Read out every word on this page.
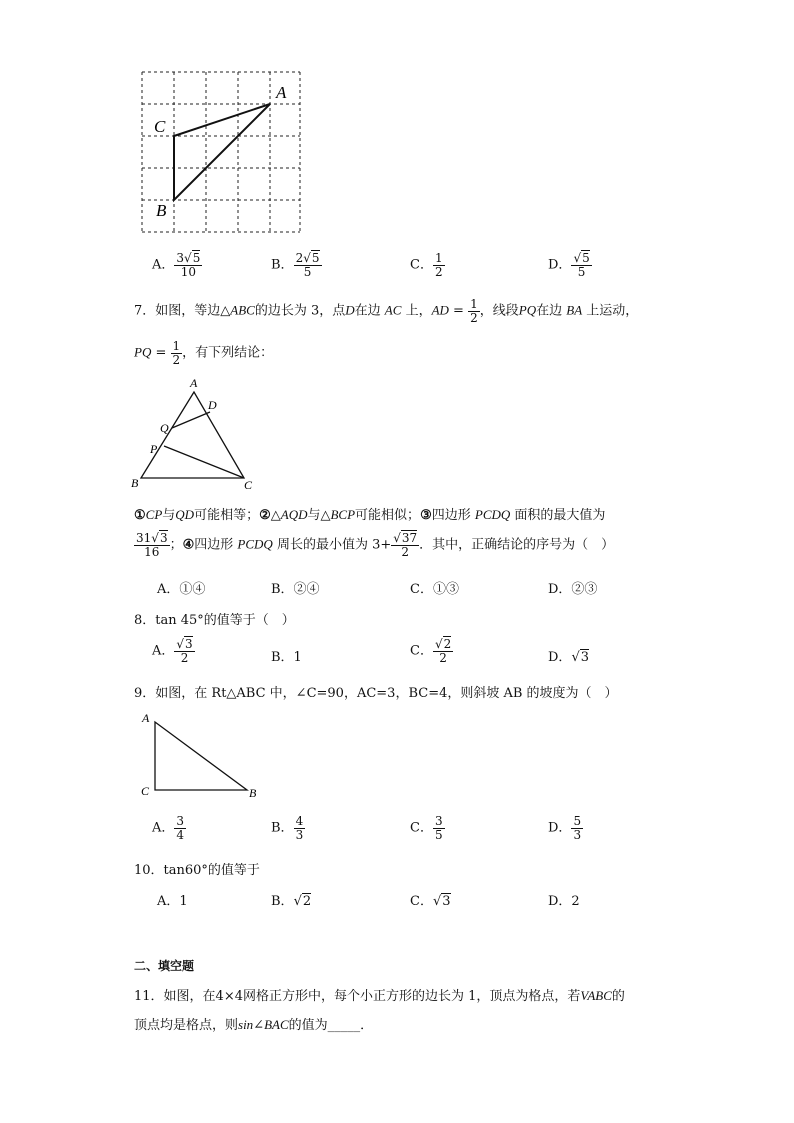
A
C
B
A． $\frac{3√5}{10}$	B． $\frac{2√5}{5}$	C． $\frac{1}{2}$	D． $\frac{√5}{5}$
7．如图，等边△ABC的边长为 3，点D在边 AC 上，AD = $\frac{1}{2}$ ，线段PQ在边 BA 上运动，
PQ = $\frac{1}{2}$ ，有下列结论：
A
D
Q
P
B	C
①CP与QD可能相等；②△AQD与△BCP可能相似；③四边形 PCDQ 面积的最大值为
$\frac{31√3}{16}$ ；④四边形 PCDQ 周长的最小值为 $3+ \frac{√37}{2}$ ．其中，正确结论的序号为（　）
A．①④	B．②④	C．①③	D．②③
8．tan 45°的值等于（　）
A． $\frac{√3}{2}$	B．1	C． $\frac{√2}{2}$	D．√3
9．如图，在 Rt△ABC 中，∠C=90，AC=3，BC=4，则斜坡 AB 的坡度为（　）
A
C	B
A． $\frac{3}{4}$	B． $\frac{4}{3}$	C． $\frac{3}{5}$	D． $\frac{5}{3}$
10．tan60°的值等于
A．1	B．√2	C．√3	D．2
二、填空题
11．如图，在4×4网格正方形中，每个小正方形的边长为 1，顶点为格点，若VABC的
顶点均是格点，则sin∠BAC的值为_____．
